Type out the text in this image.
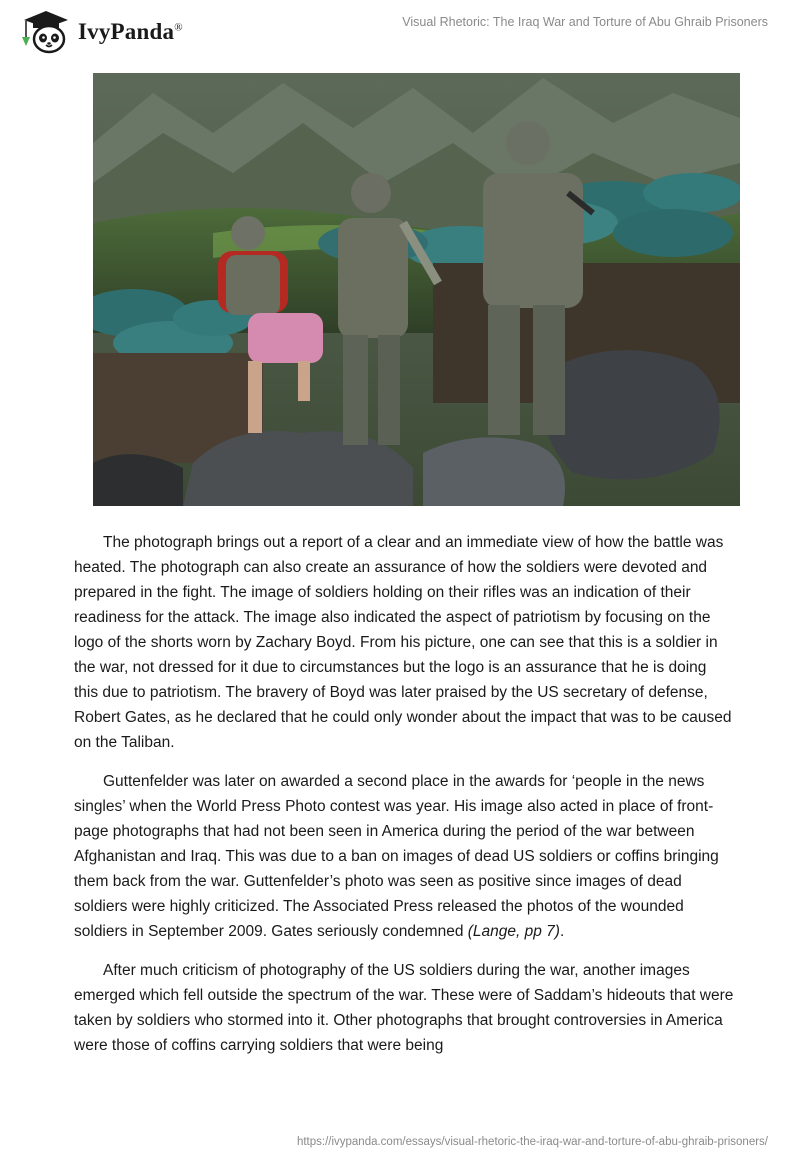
IvyPanda®	Visual Rhetoric: The Iraq War and Torture of Abu Ghraib Prisoners

The photograph brings out a report of a clear and an immediate view of how the battle was heated. The photograph can also create an assurance of how the soldiers were devoted and prepared in the fight. The image of soldiers holding on their rifles was an indication of their readiness for the attack. The image also indicated the aspect of patriotism by focusing on the logo of the shorts worn by Zachary Boyd. From his picture, one can see that this is a soldier in the war, not dressed for it due to circumstances but the logo is an assurance that he is doing this due to patriotism. The bravery of Boyd was later praised by the US secretary of defense, Robert Gates, as he declared that he could only wonder about the impact that was to be caused on the Taliban.

Guttenfelder was later on awarded a second place in the awards for ‘people in the news singles’ when the World Press Photo contest was year. His image also acted in place of front-page photographs that had not been seen in America during the period of the war between Afghanistan and Iraq. This was due to a ban on images of dead US soldiers or coffins bringing them back from the war. Guttenfelder’s photo was seen as positive since images of dead soldiers were highly criticized. The Associated Press released the photos of the wounded soldiers in September 2009. Gates seriously condemned (Lange, pp 7).

After much criticism of photography of the US soldiers during the war, another images emerged which fell outside the spectrum of the war. These were of Saddam’s hideouts that were taken by soldiers who stormed into it. Other photographs that brought controversies in America were those of coffins carrying soldiers that were being

https://ivypanda.com/essays/visual-rhetoric-the-iraq-war-and-torture-of-abu-ghraib-prisoners/
